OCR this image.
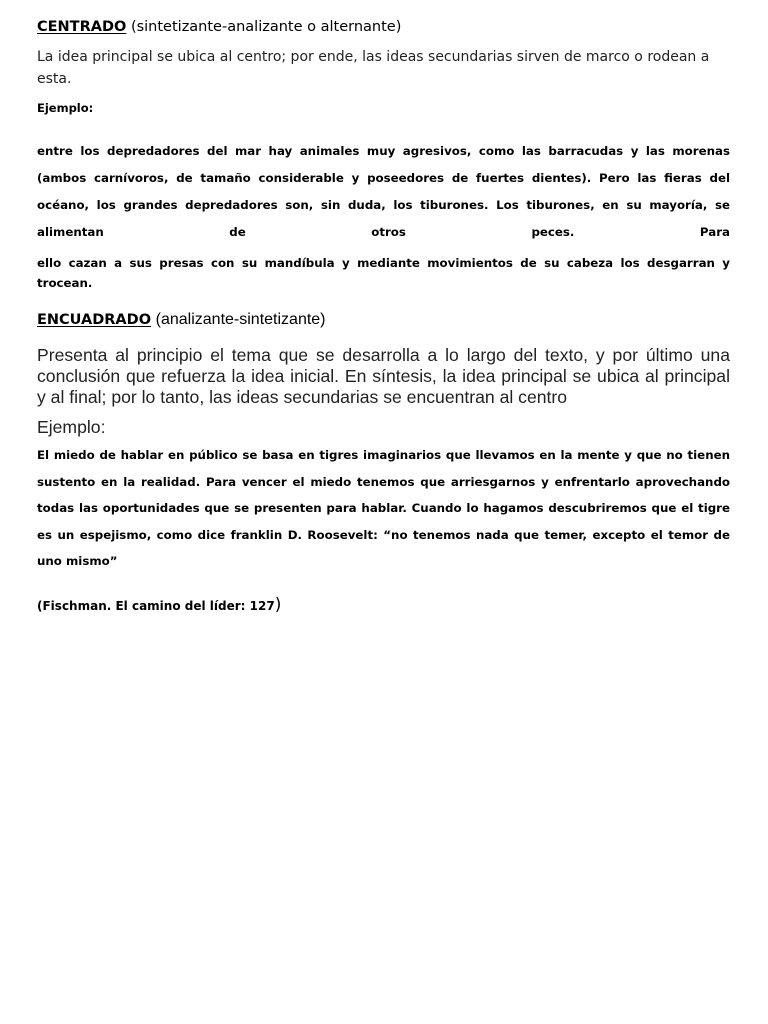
CENTRADO (sintetizante-analizante o alternante)

La idea principal se ubica al centro; por ende, las ideas secundarias sirven de marco o rodean a esta.

Ejemplo:

entre los depredadores del mar hay animales muy agresivos, como las barracudas y las morenas (ambos carnívoros, de tamaño considerable y poseedores de fuertes dientes). Pero las fieras del océano, los grandes depredadores son, sin duda, los tiburones. Los tiburones, en su mayoría, se alimentan de otros peces. Para

ello cazan a sus presas con su mandíbula y mediante movimientos de su cabeza los desgarran y trocean.

ENCUADRADO (analizante-sintetizante)

Presenta al principio el tema que se desarrolla a lo largo del texto, y por último una conclusión que refuerza la idea inicial. En síntesis, la idea principal se ubica al principal y al final; por lo tanto, las ideas secundarias se encuentran al centro

Ejemplo:

El miedo de hablar en público se basa en tigres imaginarios que llevamos en la mente y que no tienen sustento en la realidad. Para vencer el miedo tenemos que arriesgarnos y enfrentarlo aprovechando todas las oportunidades que se presenten para hablar. Cuando lo hagamos descubriremos que el tigre es un espejismo, como dice franklin D. Roosevelt: “no tenemos nada que temer, excepto el temor de uno mismo”

(Fischman. El camino del líder: 127)
